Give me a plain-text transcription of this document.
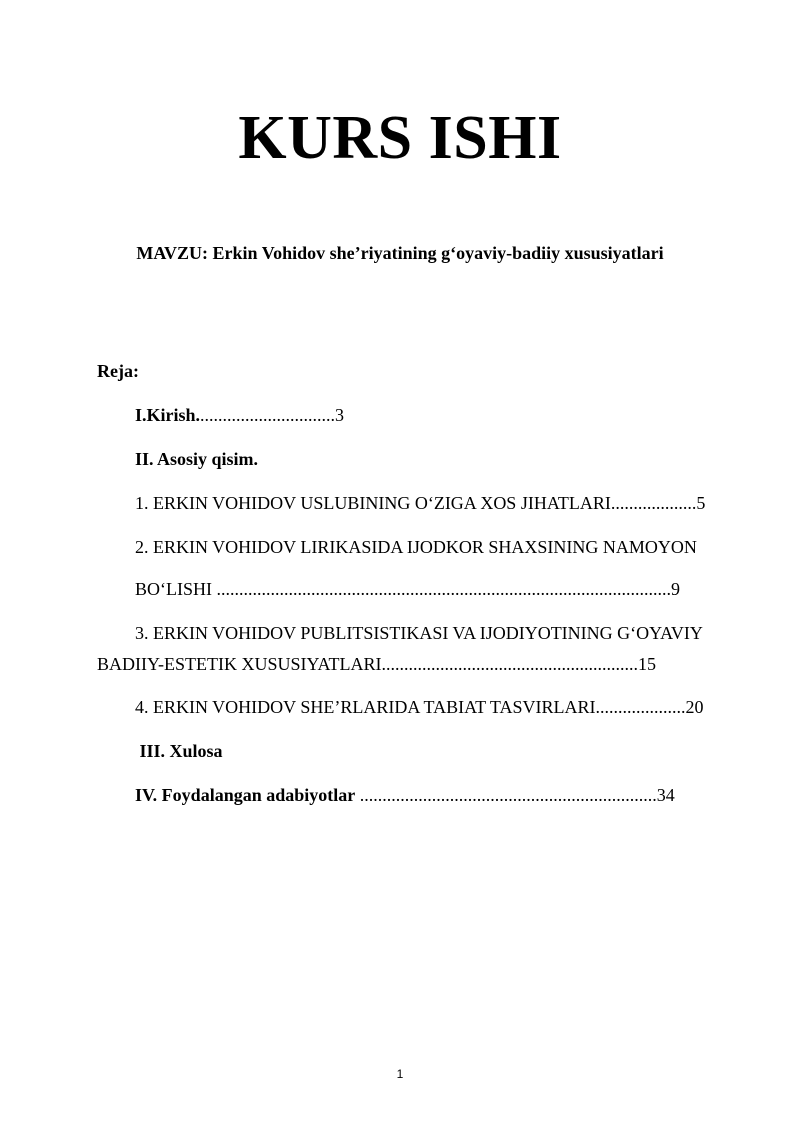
KURS ISHI
MAVZU: Erkin Vohidov she’riyatining g‘oyaviy-badiiy xususiyatlari
Reja:
I.Kirish...............................3
II. Asosiy qisim.
1. ERKIN VOHIDOV USLUBINING O‘ZIGA XOS JIHATLARI...................5
2. ERKIN VOHIDOV LIRIKASIDA IJODKOR SHAXSINING NAMOYON
BO‘LISHI .....................................................................................................9
3. ERKIN VOHIDOV PUBLITSISTIKASI VA IJODIYOTINING G‘OYAVIY
BADIIY-ESTETIK XUSUSIYATLARI.........................................................15
4. ERKIN VOHIDOV SHE’RLARIDA TABIAT TASVIRLARI....................20
III. Xulosa
IV. Foydalangan adabiyotlar ..................................................................34
1
